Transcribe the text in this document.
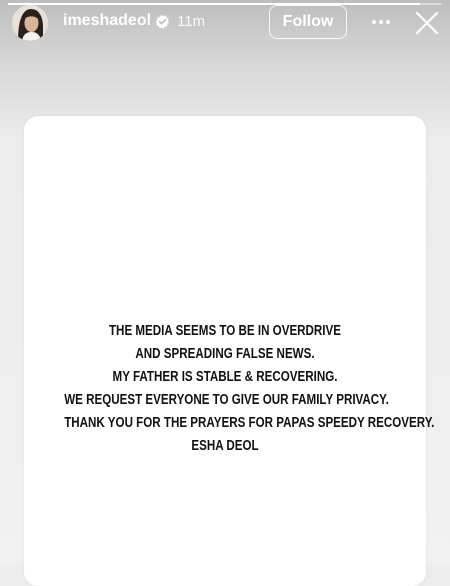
imeshadeol 11m	Follow
THE MEDIA SEEMS TO BE IN OVERDRIVE
AND SPREADING FALSE NEWS.
MY FATHER IS STABLE & RECOVERING.
WE REQUEST EVERYONE TO GIVE OUR FAMILY PRIVACY.
THANK YOU FOR THE PRAYERS FOR PAPAS SPEEDY RECOVERY.
ESHA DEOL
